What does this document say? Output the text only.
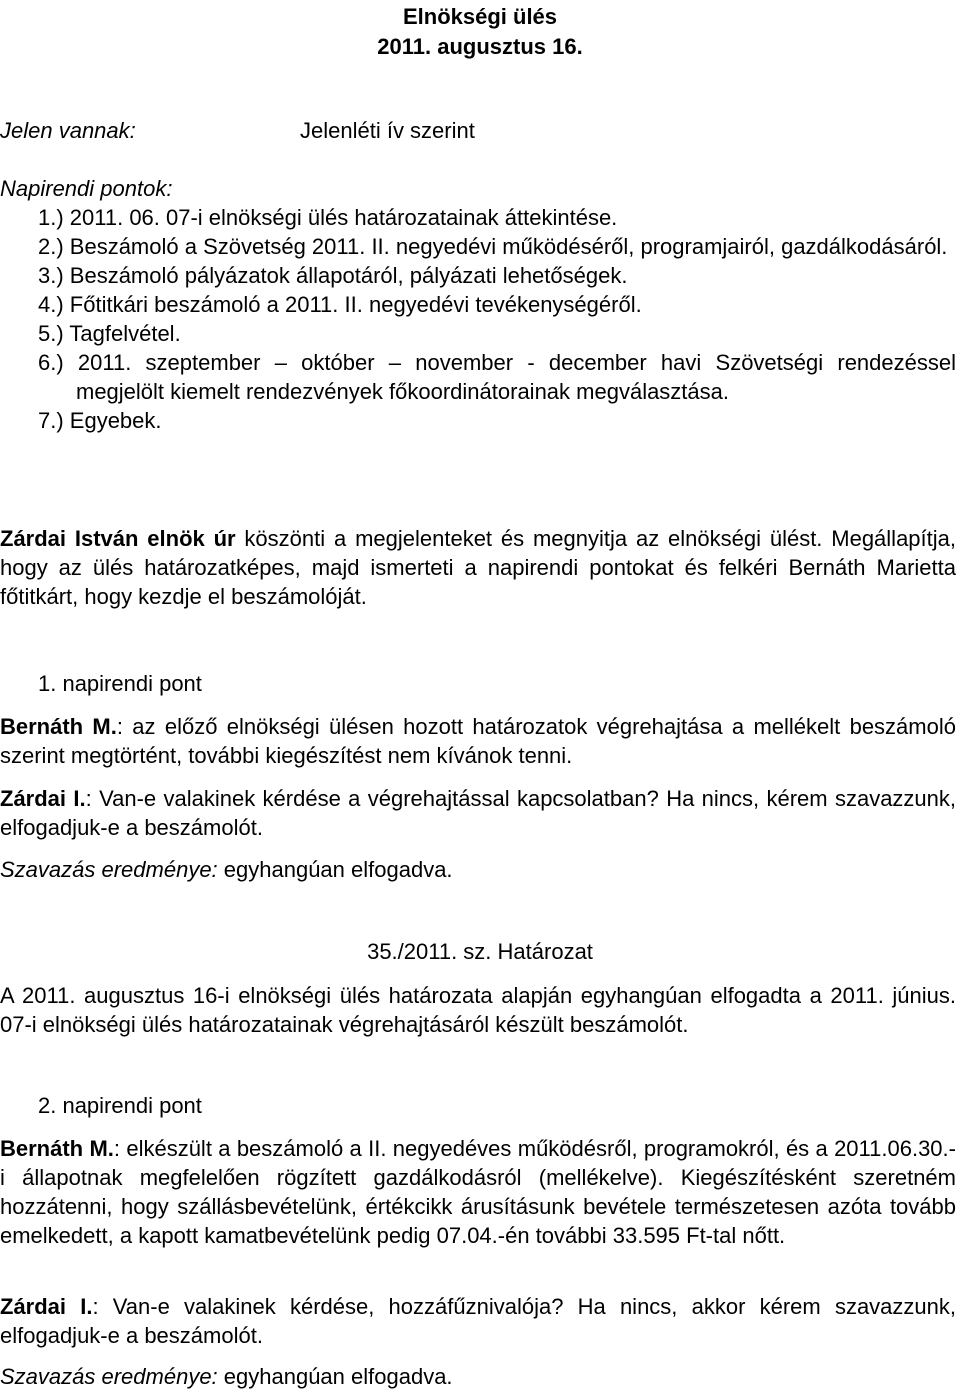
Elnökségi ülés
2011. augusztus 16.
Jelen vannak:	Jelenléti ív szerint
Napirendi pontok:
1.) 2011. 06. 07-i elnökségi ülés határozatainak áttekintése.
2.) Beszámoló a Szövetség 2011. II. negyedévi működéséről, programjairól, gazdálkodásáról.
3.) Beszámoló pályázatok állapotáról, pályázati lehetőségek.
4.) Főtitkári beszámoló a 2011. II. negyedévi tevékenységéről.
5.) Tagfelvétel.
6.) 2011. szeptember – október – november - december havi Szövetségi rendezéssel megjelölt kiemelt rendezvények főkoordinátorainak megválasztása.
7.) Egyebek.
Zárdai István elnök úr köszönti a megjelenteket és megnyitja az elnökségi ülést. Megállapítja, hogy az ülés határozatképes, majd ismerteti a napirendi pontokat és felkéri Bernáth Marietta főtitkárt, hogy kezdje el beszámolóját.
1. napirendi pont
Bernáth M.: az előző elnökségi ülésen hozott határozatok végrehajtása a mellékelt beszámoló szerint megtörtént, további kiegészítést nem kívánok tenni.
Zárdai I.: Van-e valakinek kérdése a végrehajtással kapcsolatban? Ha nincs, kérem szavazzunk, elfogadjuk-e a beszámolót.
Szavazás eredménye: egyhangúan elfogadva.
35./2011. sz. Határozat
A 2011. augusztus 16-i elnökségi ülés határozata alapján egyhangúan elfogadta a 2011. június. 07-i elnökségi ülés határozatainak végrehajtásáról készült beszámolót.
2. napirendi pont
Bernáth M.: elkészült a beszámoló a II. negyedéves működésről, programokról, és a 2011.06.30.-i állapotnak megfelelően rögzített gazdálkodásról (mellékelve). Kiegészítésként szeretném hozzátenni, hogy szállásbevételünk, értékcikk árusításunk bevétele természetesen azóta tovább emelkedett, a kapott kamatbevételünk pedig 07.04.-én további 33.595 Ft-tal nőtt.
Zárdai I.: Van-e valakinek kérdése, hozzáfűznivalója? Ha nincs, akkor kérem szavazzunk, elfogadjuk-e a beszámolót.
Szavazás eredménye: egyhangúan elfogadva.
